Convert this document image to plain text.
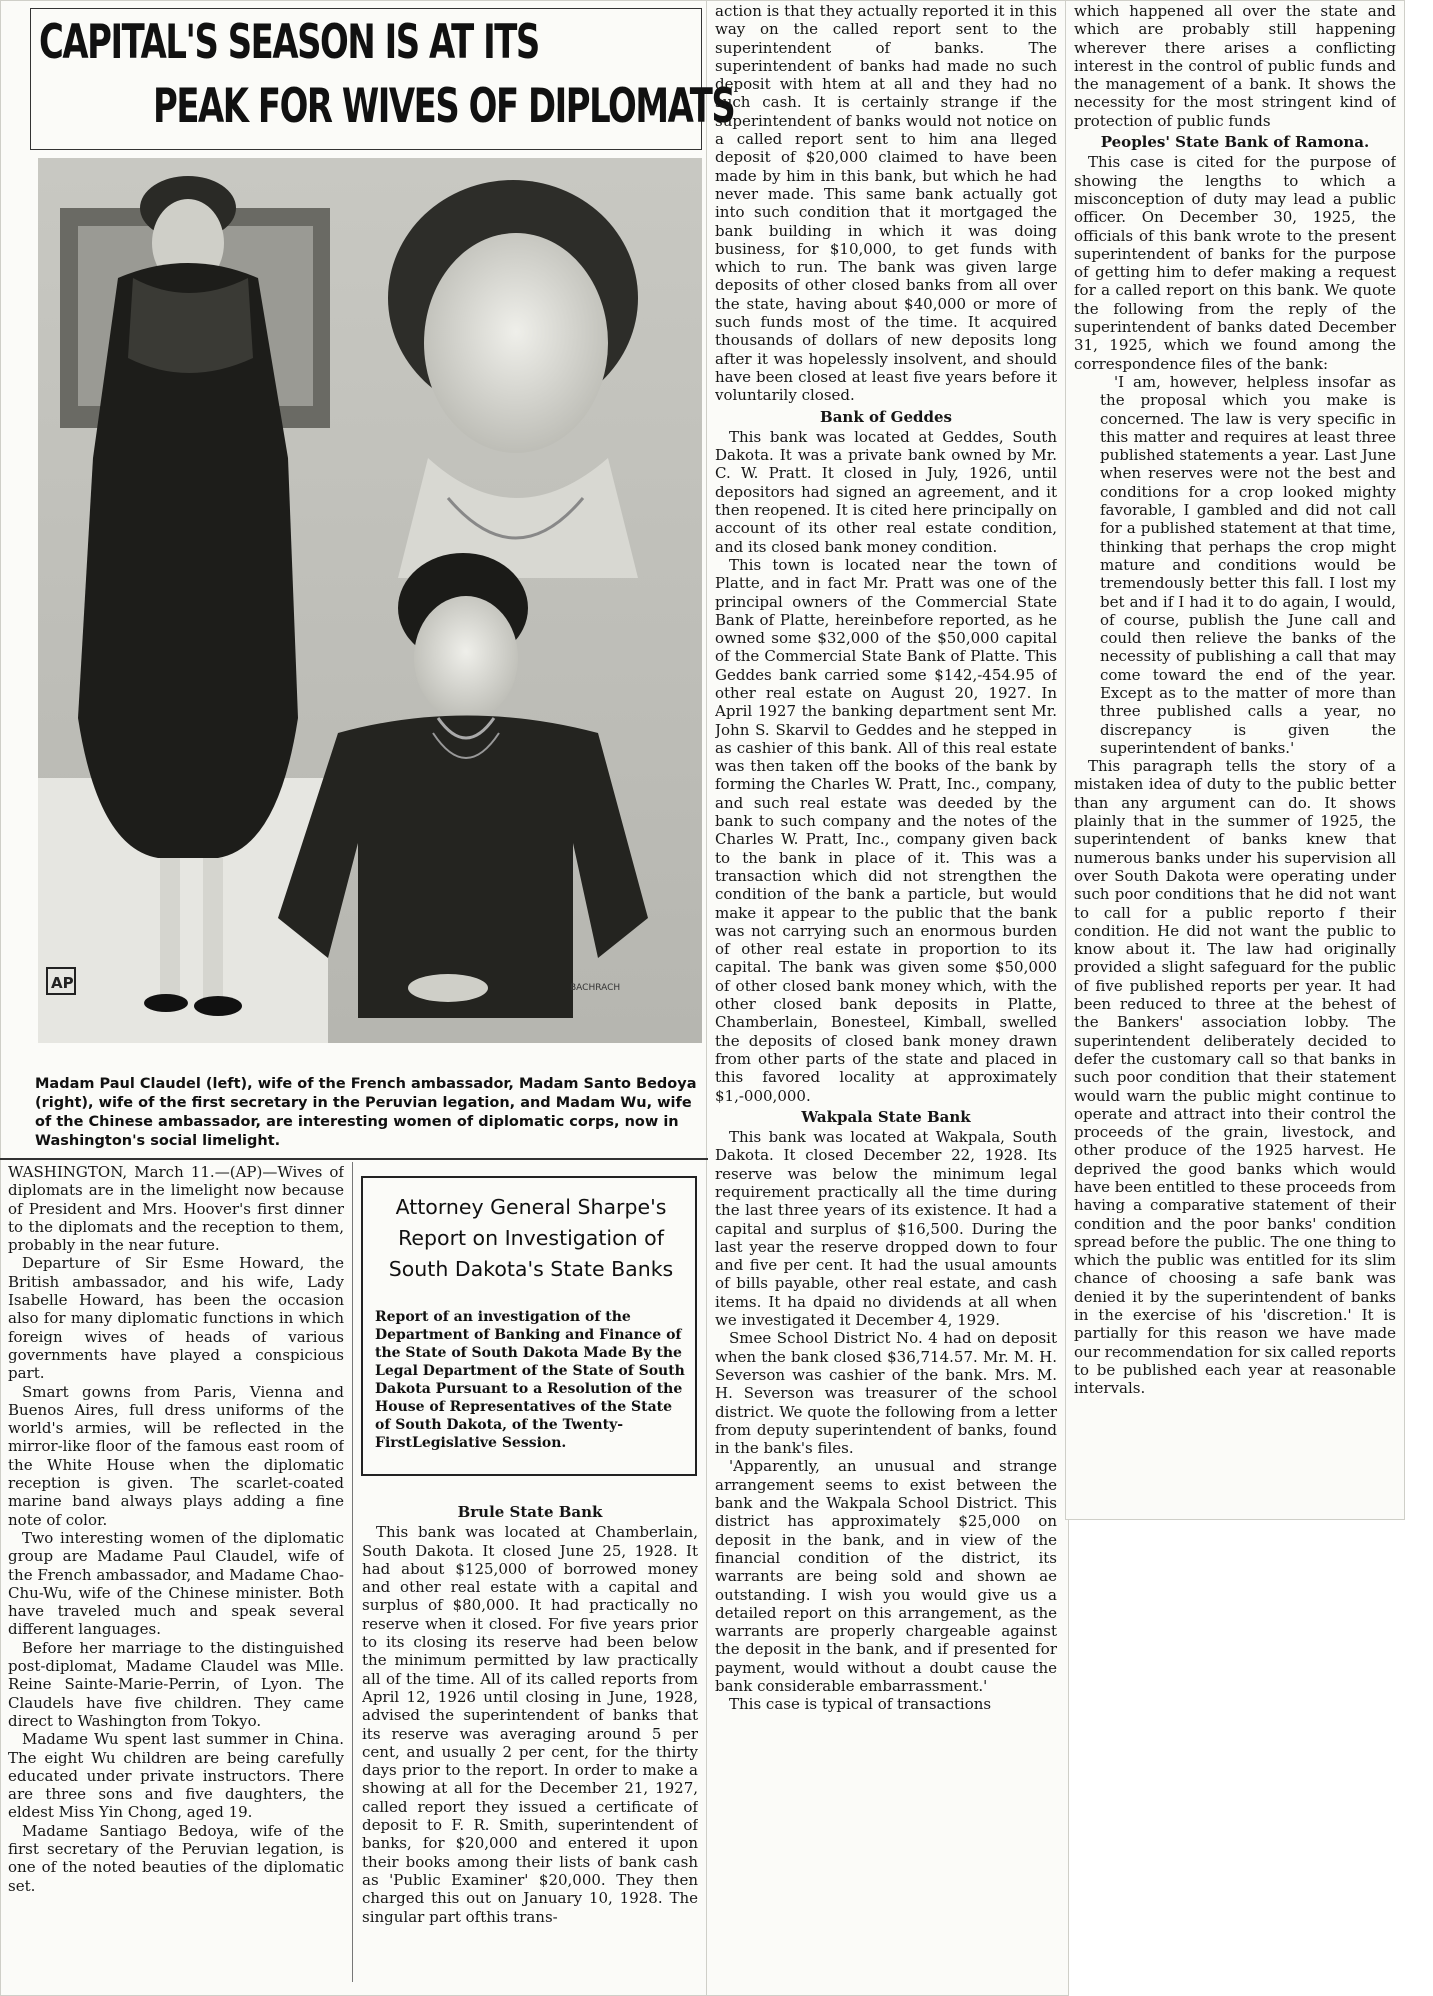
CAPITAL'S SEASON IS AT ITS
PEAK FOR WIVES OF DIPLOMATS
AP	BACHRACH
Madam Paul Claudel (left), wife of the French ambassador, Madam Santo Bedoya (right), wife of the first secretary in the Peruvian legation, and Madam Wu, wife of the Chinese ambassador, are interesting women of diplomatic corps, now in Washington's social limelight.

WASHINGTON, March 11.—(AP)—Wives of diplomats are in the limelight now because of President and Mrs. Hoover's first dinner to the diplomats and the reception to them, probably in the near future.

Departure of Sir Esme Howard, the British ambassador, and his wife, Lady Isabelle Howard, has been the occasion also for many diplomatic functions in which foreign wives of heads of various governments have played a conspicious part.

Smart gowns from Paris, Vienna and Buenos Aires, full dress uniforms of the world's armies, will be reflected in the mirror-like floor of the famous east room of the White House when the diplomatic reception is given. The scarlet-coated marine band always plays adding a fine note of color.

Two interesting women of the diplomatic group are Madame Paul Claudel, wife of the French ambassador, and Madame Chao-Chu-Wu, wife of the Chinese minister. Both have traveled much and speak several different languages.

Before her marriage to the distinguished post-diplomat, Madame Claudel was Mlle. Reine Sainte-Marie-Perrin, of Lyon. The Claudels have five children. They came direct to Washington from Tokyo.

Madame Wu spent last summer in China. The eight Wu children are being carefully educated under private instructors. There are three sons and five daughters, the eldest Miss Yin Chong, aged 19.

Madame Santiago Bedoya, wife of the first secretary of the Peruvian legation, is one of the noted beauties of the diplomatic set.

Attorney General Sharpe's Report on Investigation of South Dakota's State Banks
Report of an investigation of the Department of Banking and Finance of the State of South Dakota Made By the Legal Department of the State of South Dakota Pursuant to a Resolution of the House of Representatives of the State of South Dakota, of the Twenty-FirstLegislative Session.
Brule State Bank

This bank was located at Chamberlain, South Dakota. It closed June 25, 1928. It had about $125,000 of borrowed money and other real estate with a capital and surplus of $80,000. It had practically no reserve when it closed. For five years prior to its closing its reserve had been below the minimum permitted by law practically all of the time. All of its called reports from April 12, 1926 until closing in June, 1928, advised the superintendent of banks that its reserve was averaging around 5 per cent, and usually 2 per cent, for the thirty days prior to the report. In order to make a showing at all for the December 21, 1927, called report they issued a certificate of deposit to F. R. Smith, superintendent of banks, for $20,000 and entered it upon their books among their lists of bank cash as 'Public Examiner' $20,000. They then charged this out on January 10, 1928. The singular part ofthis trans-

action is that they actually reported it in this way on the called report sent to the superintendent of banks. The superintendent of banks had made no such deposit with htem at all and they had no such cash. It is certainly strange if the superintendent of banks would not notice on a called report sent to him ana lleged deposit of $20,000 claimed to have been made by him in this bank, but which he had never made. This same bank actually got into such condition that it mortgaged the bank building in which it was doing business, for $10,000, to get funds with which to run. The bank was given large deposits of other closed banks from all over the state, having about $40,000 or more of such funds most of the time. It acquired thousands of dollars of new deposits long after it was hopelessly insolvent, and should have been closed at least five years before it voluntarily closed.

Bank of Geddes

This bank was located at Geddes, South Dakota. It was a private bank owned by Mr. C. W. Pratt. It closed in July, 1926, until depositors had signed an agreement, and it then reopened. It is cited here principally on account of its other real estate condition, and its closed bank money condition.

This town is located near the town of Platte, and in fact Mr. Pratt was one of the principal owners of the Commercial State Bank of Platte, hereinbefore reported, as he owned some $32,000 of the $50,000 capital of the Commercial State Bank of Platte. This Geddes bank carried some $142,-454.95 of other real estate on August 20, 1927. In April 1927 the banking department sent Mr. John S. Skarvil to Geddes and he stepped in as cashier of this bank. All of this real estate was then taken off the books of the bank by forming the Charles W. Pratt, Inc., company, and such real estate was deeded by the bank to such company and the notes of the Charles W. Pratt, Inc., company given back to the bank in place of it. This was a transaction which did not strengthen the condition of the bank a particle, but would make it appear to the public that the bank was not carrying such an enormous burden of other real estate in proportion to its capital. The bank was given some $50,000 of other closed bank money which, with the other closed bank deposits in Platte, Chamberlain, Bonesteel, Kimball, swelled the deposits of closed bank money drawn from other parts of the state and placed in this favored locality at approximately $1,-000,000.

Wakpala State Bank

This bank was located at Wakpala, South Dakota. It closed December 22, 1928. Its reserve was below the minimum legal requirement practically all the time during the last three years of its existence. It had a capital and surplus of $16,500. During the last year the reserve dropped down to four and five per cent. It had the usual amounts of bills payable, other real estate, and cash items. It ha dpaid no dividends at all when we investigated it December 4, 1929.

Smee School District No. 4 had on deposit when the bank closed $36,714.57. Mr. M. H. Severson was cashier of the bank. Mrs. M. H. Severson was treasurer of the school district. We quote the following from a letter from deputy superintendent of banks, found in the bank's files.

'Apparently, an unusual and strange arrangement seems to exist between the bank and the Wakpala School District. This district has approximately $25,000 on deposit in the bank, and in view of the financial condition of the district, its warrants are being sold and shown ae outstanding. I wish you would give us a detailed report on this arrangement, as the warrants are properly chargeable against the deposit in the bank, and if presented for payment, would without a doubt cause the bank considerable embarrassment.'

This case is typical of transactions

which happened all over the state and which are probably still happening wherever there arises a conflicting interest in the control of public funds and the management of a bank. It shows the necessity for the most stringent kind of protection of public funds

Peoples' State Bank of Ramona.

This case is cited for the purpose of showing the lengths to which a misconception of duty may lead a public officer. On December 30, 1925, the officials of this bank wrote to the present superintendent of banks for the purpose of getting him to defer making a request for a called report on this bank. We quote the following from the reply of the superintendent of banks dated December 31, 1925, which we found among the correspondence files of the bank:

'I am, however, helpless insofar as the proposal which you make is concerned. The law is very specific in this matter and requires at least three published statements a year. Last June when reserves were not the best and conditions for a crop looked mighty favorable, I gambled and did not call for a published statement at that time, thinking that perhaps the crop might mature and conditions would be tremendously better this fall. I lost my bet and if I had it to do again, I would, of course, publish the June call and could then relieve the banks of the necessity of publishing a call that may come toward the end of the year. Except as to the matter of more than three published calls a year, no discrepancy is given the superintendent of banks.'

This paragraph tells the story of a mistaken idea of duty to the public better than any argument can do. It shows plainly that in the summer of 1925, the superintendent of banks knew that numerous banks under his supervision all over South Dakota were operating under such poor conditions that he did not want to call for a public reporto f their condition. He did not want the public to know about it. The law had originally provided a slight safeguard for the public of five published reports per year. It had been reduced to three at the behest of the Bankers' association lobby. The superintendent deliberately decided to defer the customary call so that banks in such poor condition that their statement would warn the public might continue to operate and attract into their control the proceeds of the grain, livestock, and other produce of the 1925 harvest. He deprived the good banks which would have been entitled to these proceeds from having a comparative statement of their condition and the poor banks' condition spread before the public. The one thing to which the public was entitled for its slim chance of choosing a safe bank was denied it by the superintendent of banks in the exercise of his 'discretion.' It is partially for this reason we have made our recommendation for six called reports to be published each year at reasonable intervals.
